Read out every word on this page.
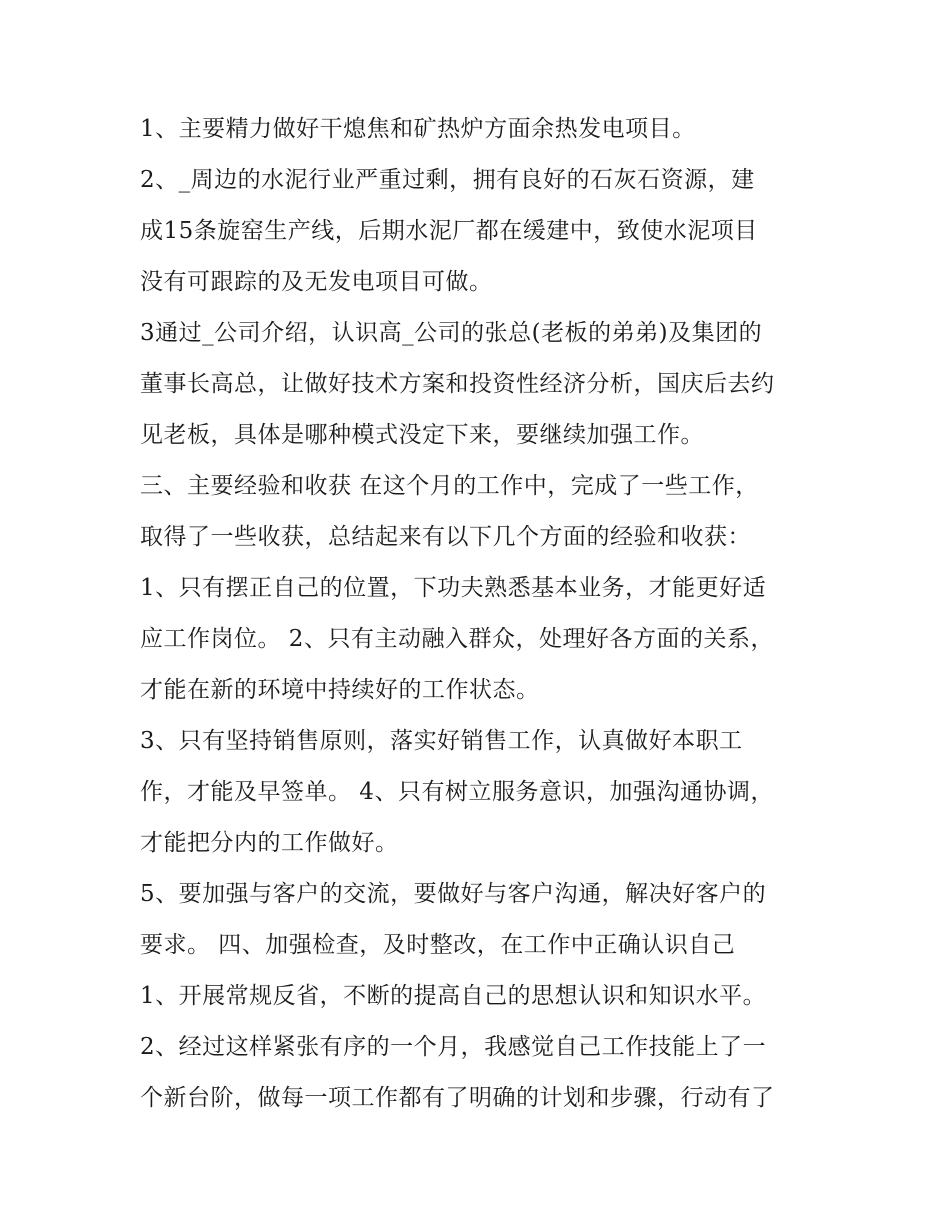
1、主要精力做好干熄焦和矿热炉方面余热发电项目。
2、_周边的水泥行业严重过剩，拥有良好的石灰石资源，建
成15条旋窑生产线，后期水泥厂都在缓建中，致使水泥项目
没有可跟踪的及无发电项目可做。
3通过_公司介绍，认识高_公司的张总(老板的弟弟)及集团的
董事长高总，让做好技术方案和投资性经济分析，国庆后去约
见老板，具体是哪种模式没定下来，要继续加强工作。
三、主要经验和收获 在这个月的工作中，完成了一些工作，
取得了一些收获，总结起来有以下几个方面的经验和收获：
1、只有摆正自己的位置，下功夫熟悉基本业务，才能更好适
应工作岗位。 2、只有主动融入群众，处理好各方面的关系，
才能在新的环境中持续好的工作状态。
3、只有坚持销售原则，落实好销售工作，认真做好本职工
作，才能及早签单。 4、只有树立服务意识，加强沟通协调，
才能把分内的工作做好。
5、要加强与客户的交流，要做好与客户沟通，解决好客户的
要求。 四、加强检查，及时整改，在工作中正确认识自己
1、开展常规反省，不断的提高自己的思想认识和知识水平。
2、经过这样紧张有序的一个月，我感觉自己工作技能上了一
个新台阶，做每一项工作都有了明确的计划和步骤，行动有了
